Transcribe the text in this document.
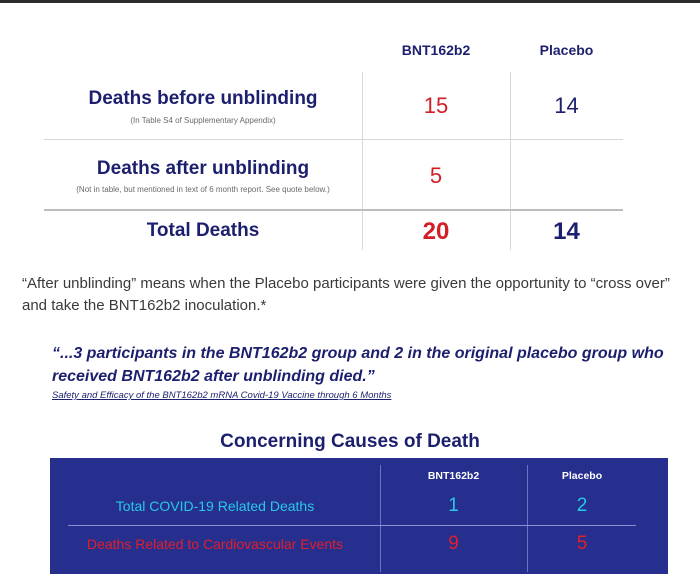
BNT162b2	Placebo
Deaths before unblinding
(In Table S4 of Supplementary Appendix)
15	14
Deaths after unblinding
(Not in table, but mentioned in text of 6 month report. See quote below.)
5
Total Deaths	20	14
“After unblinding” means when the Placebo participants were given the opportunity to “cross over” and take the BNT162b2 inoculation.*
“...3 participants in the BNT162b2 group and 2 in the original placebo group who received BNT162b2 after unblinding died.”
Safety and Efficacy of the BNT162b2 mRNA Covid-19 Vaccine through 6 Months
Concerning Causes of Death
BNT162b2	Placebo
Total COVID-19 Related Deaths	1	2
Deaths Related to Cardiovascular Events	9	5
